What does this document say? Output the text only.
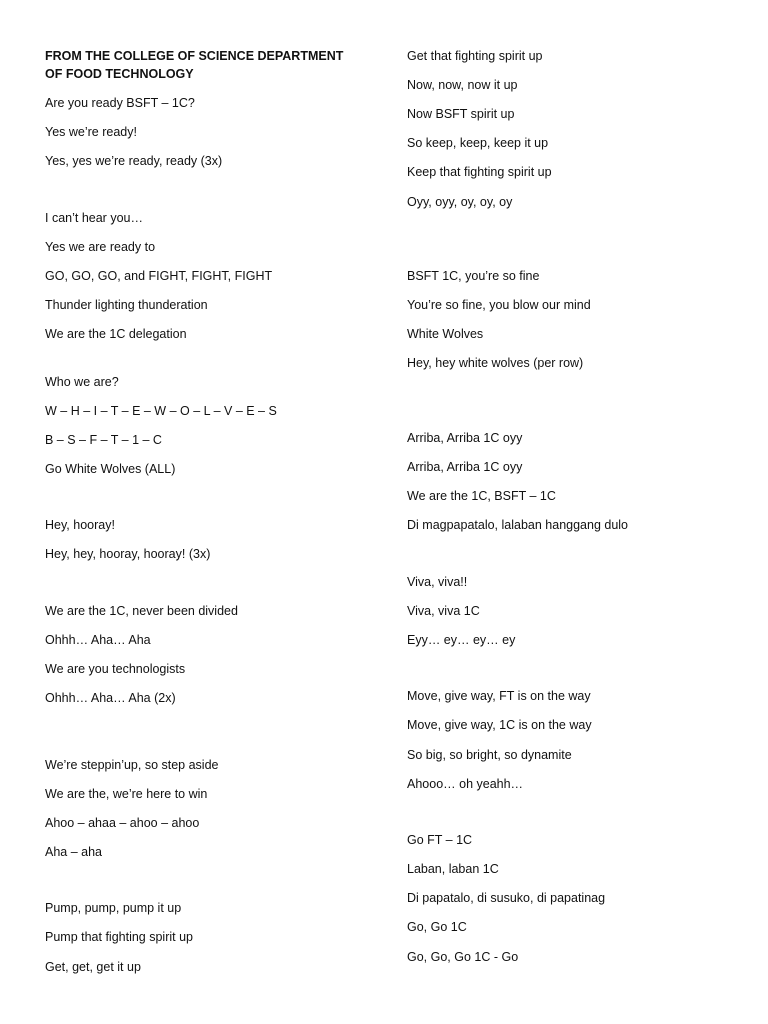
FROM THE COLLEGE OF SCIENCE DEPARTMENT OF FOOD TECHNOLOGY
Are you ready BSFT – 1C?
Yes we’re ready!
Yes, yes we’re ready, ready (3x)
I can’t hear you…
Yes we are ready to
GO, GO, GO, and FIGHT, FIGHT, FIGHT
Thunder lighting thunderation
We are the 1C delegation
Who we are?
W – H – I – T – E – W – O – L – V – E – S
B – S – F – T – 1 – C
Go White Wolves (ALL)
Hey, hooray!
Hey, hey, hooray, hooray! (3x)
We are the 1C, never been divided
Ohhh… Aha… Aha
We are you technologists
Ohhh… Aha… Aha (2x)
We’re steppin’up, so step aside
We are the, we’re here to win
Ahoo – ahaa – ahoo – ahoo
Aha – aha
Pump, pump, pump it up
Pump that fighting spirit up
Get, get, get it up
Get that fighting spirit up
Now, now, now it up
Now BSFT spirit up
So keep, keep, keep it up
Keep that fighting spirit up
Oyy, oyy, oy, oy, oy
BSFT 1C, you’re so fine
You’re so fine, you blow our mind
White Wolves
Hey, hey white wolves (per row)
Arriba, Arriba 1C oyy
Arriba, Arriba 1C oyy
We are the 1C, BSFT – 1C
Di magpapatalo, lalaban hanggang dulo
Viva, viva!!
Viva, viva 1C
Eyy… ey… ey… ey
Move, give way, FT is on the way
Move, give way, 1C is on the way
So big, so bright, so dynamite
Ahooo… oh yeahh…
Go FT – 1C
Laban, laban 1C
Di papatalo, di susuko, di papatinag
Go, Go 1C
Go, Go, Go 1C - Go
